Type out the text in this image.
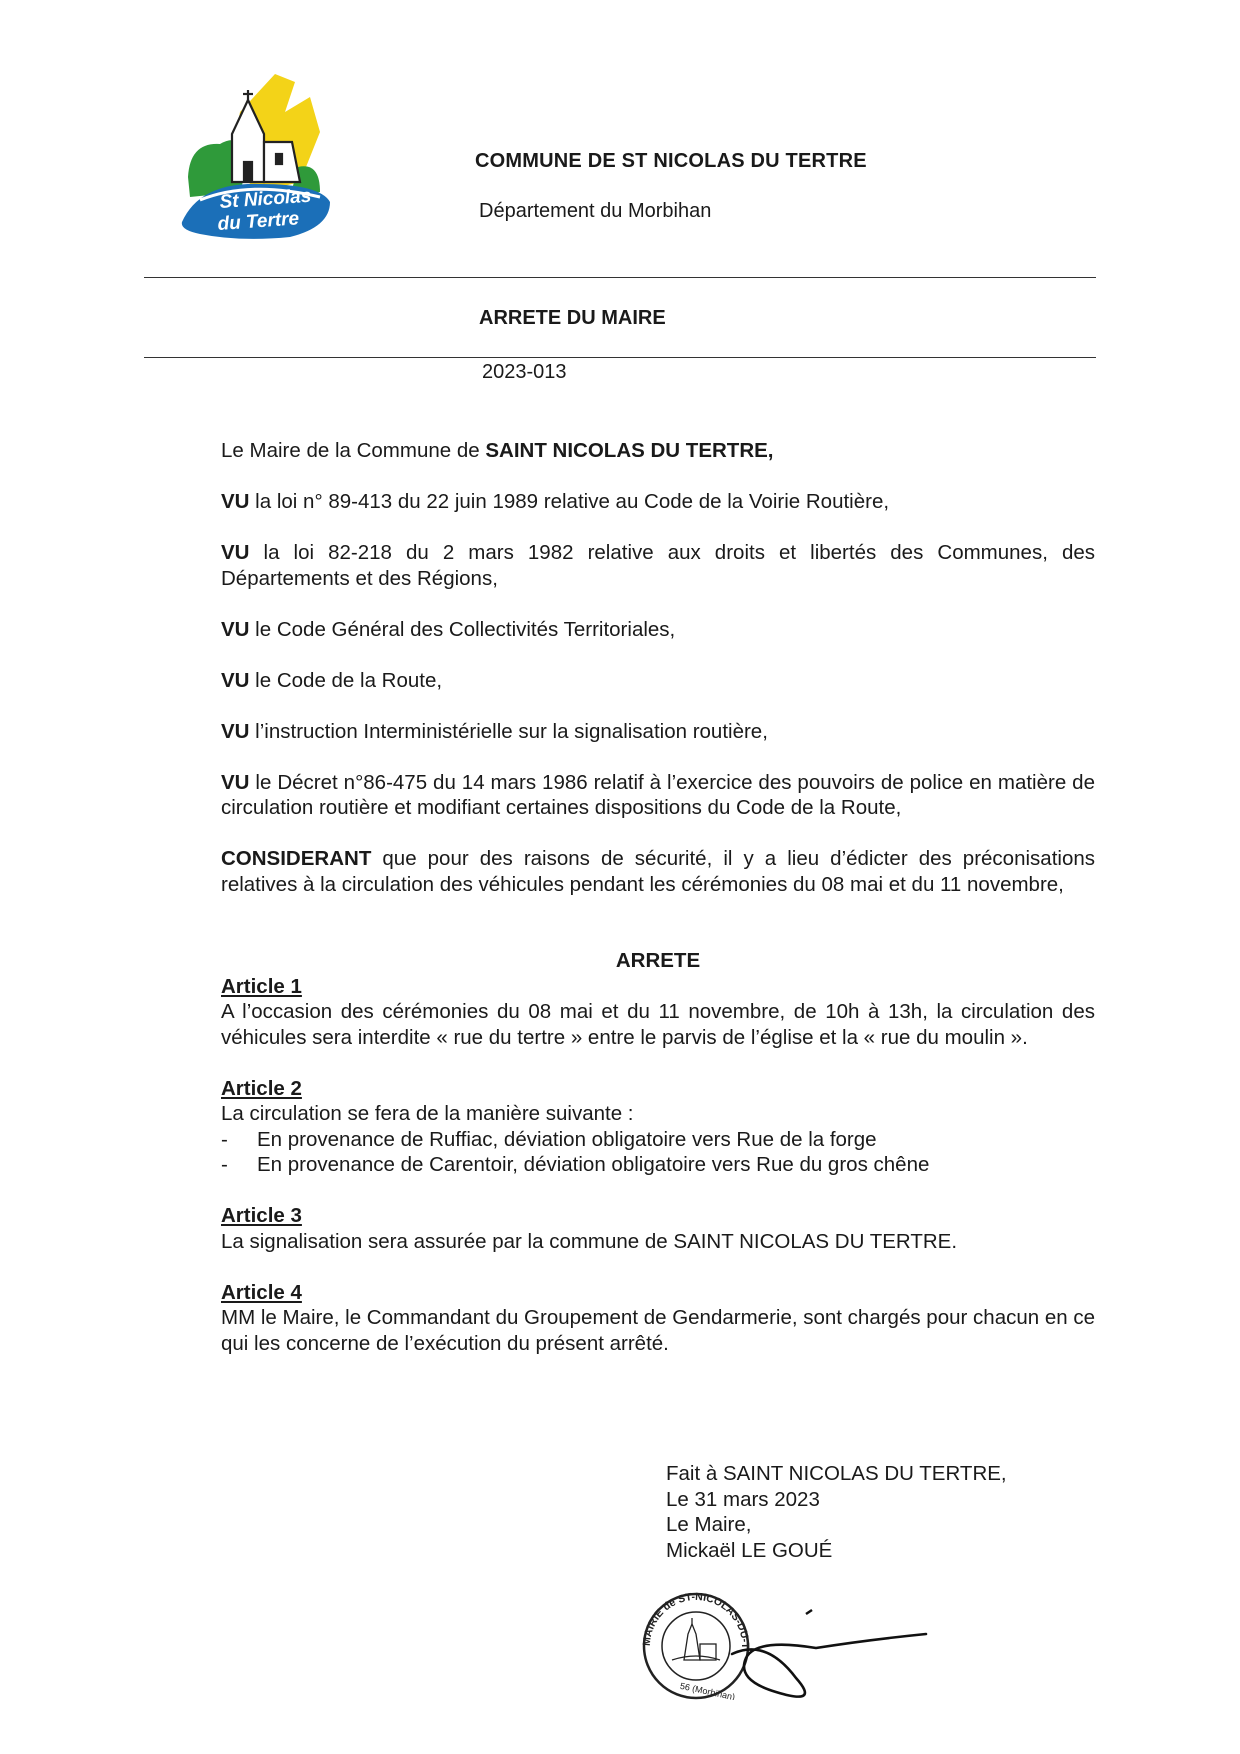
St Nicolas
du Tertre
COMMUNE DE ST NICOLAS DU TERTRE
Département du Morbihan
ARRETE DU MAIRE
2023-013

Le Maire de la Commune de SAINT NICOLAS DU TERTRE,

VU la loi n° 89-413 du 22 juin 1989 relative au Code de la Voirie Routière,

VU la loi 82-218 du 2 mars 1982 relative aux droits et libertés des Communes, des Départements et des Régions,

VU le Code Général des Collectivités Territoriales,

VU le Code de la Route,

VU l’instruction Interministérielle sur la signalisation routière,

VU le Décret n°86-475 du 14 mars 1986 relatif à l’exercice des pouvoirs de police en matière de circulation routière et modifiant certaines dispositions du Code de la Route,

CONSIDERANT que pour des raisons de sécurité, il y a lieu d’édicter des préconisations relatives à la circulation des véhicules pendant les cérémonies du 08 mai et du 11 novembre,

ARRETE
Article 1
A l’occasion des cérémonies du 08 mai et du 11 novembre, de 10h à 13h, la circulation des véhicules sera interdite « rue du tertre » entre le parvis de l’église et la « rue du moulin ».
Article 2
La circulation se fera de la manière suivante :
-	En provenance de Ruffiac, déviation obligatoire vers Rue de la forge
-	En provenance de Carentoir, déviation obligatoire vers Rue du gros chêne
Article 3
La signalisation sera assurée par la commune de SAINT NICOLAS DU TERTRE.
Article 4
MM le Maire, le Commandant du Groupement de Gendarmerie, sont chargés pour chacun en ce qui les concerne de l’exécution du présent arrêté.
Fait à SAINT NICOLAS DU TERTRE,
Le 31 mars 2023
Le Maire,
Mickaël LE GOUÉ
MAIRIE de ST-NICOLAS-DU-T
56 (Morbihan)
